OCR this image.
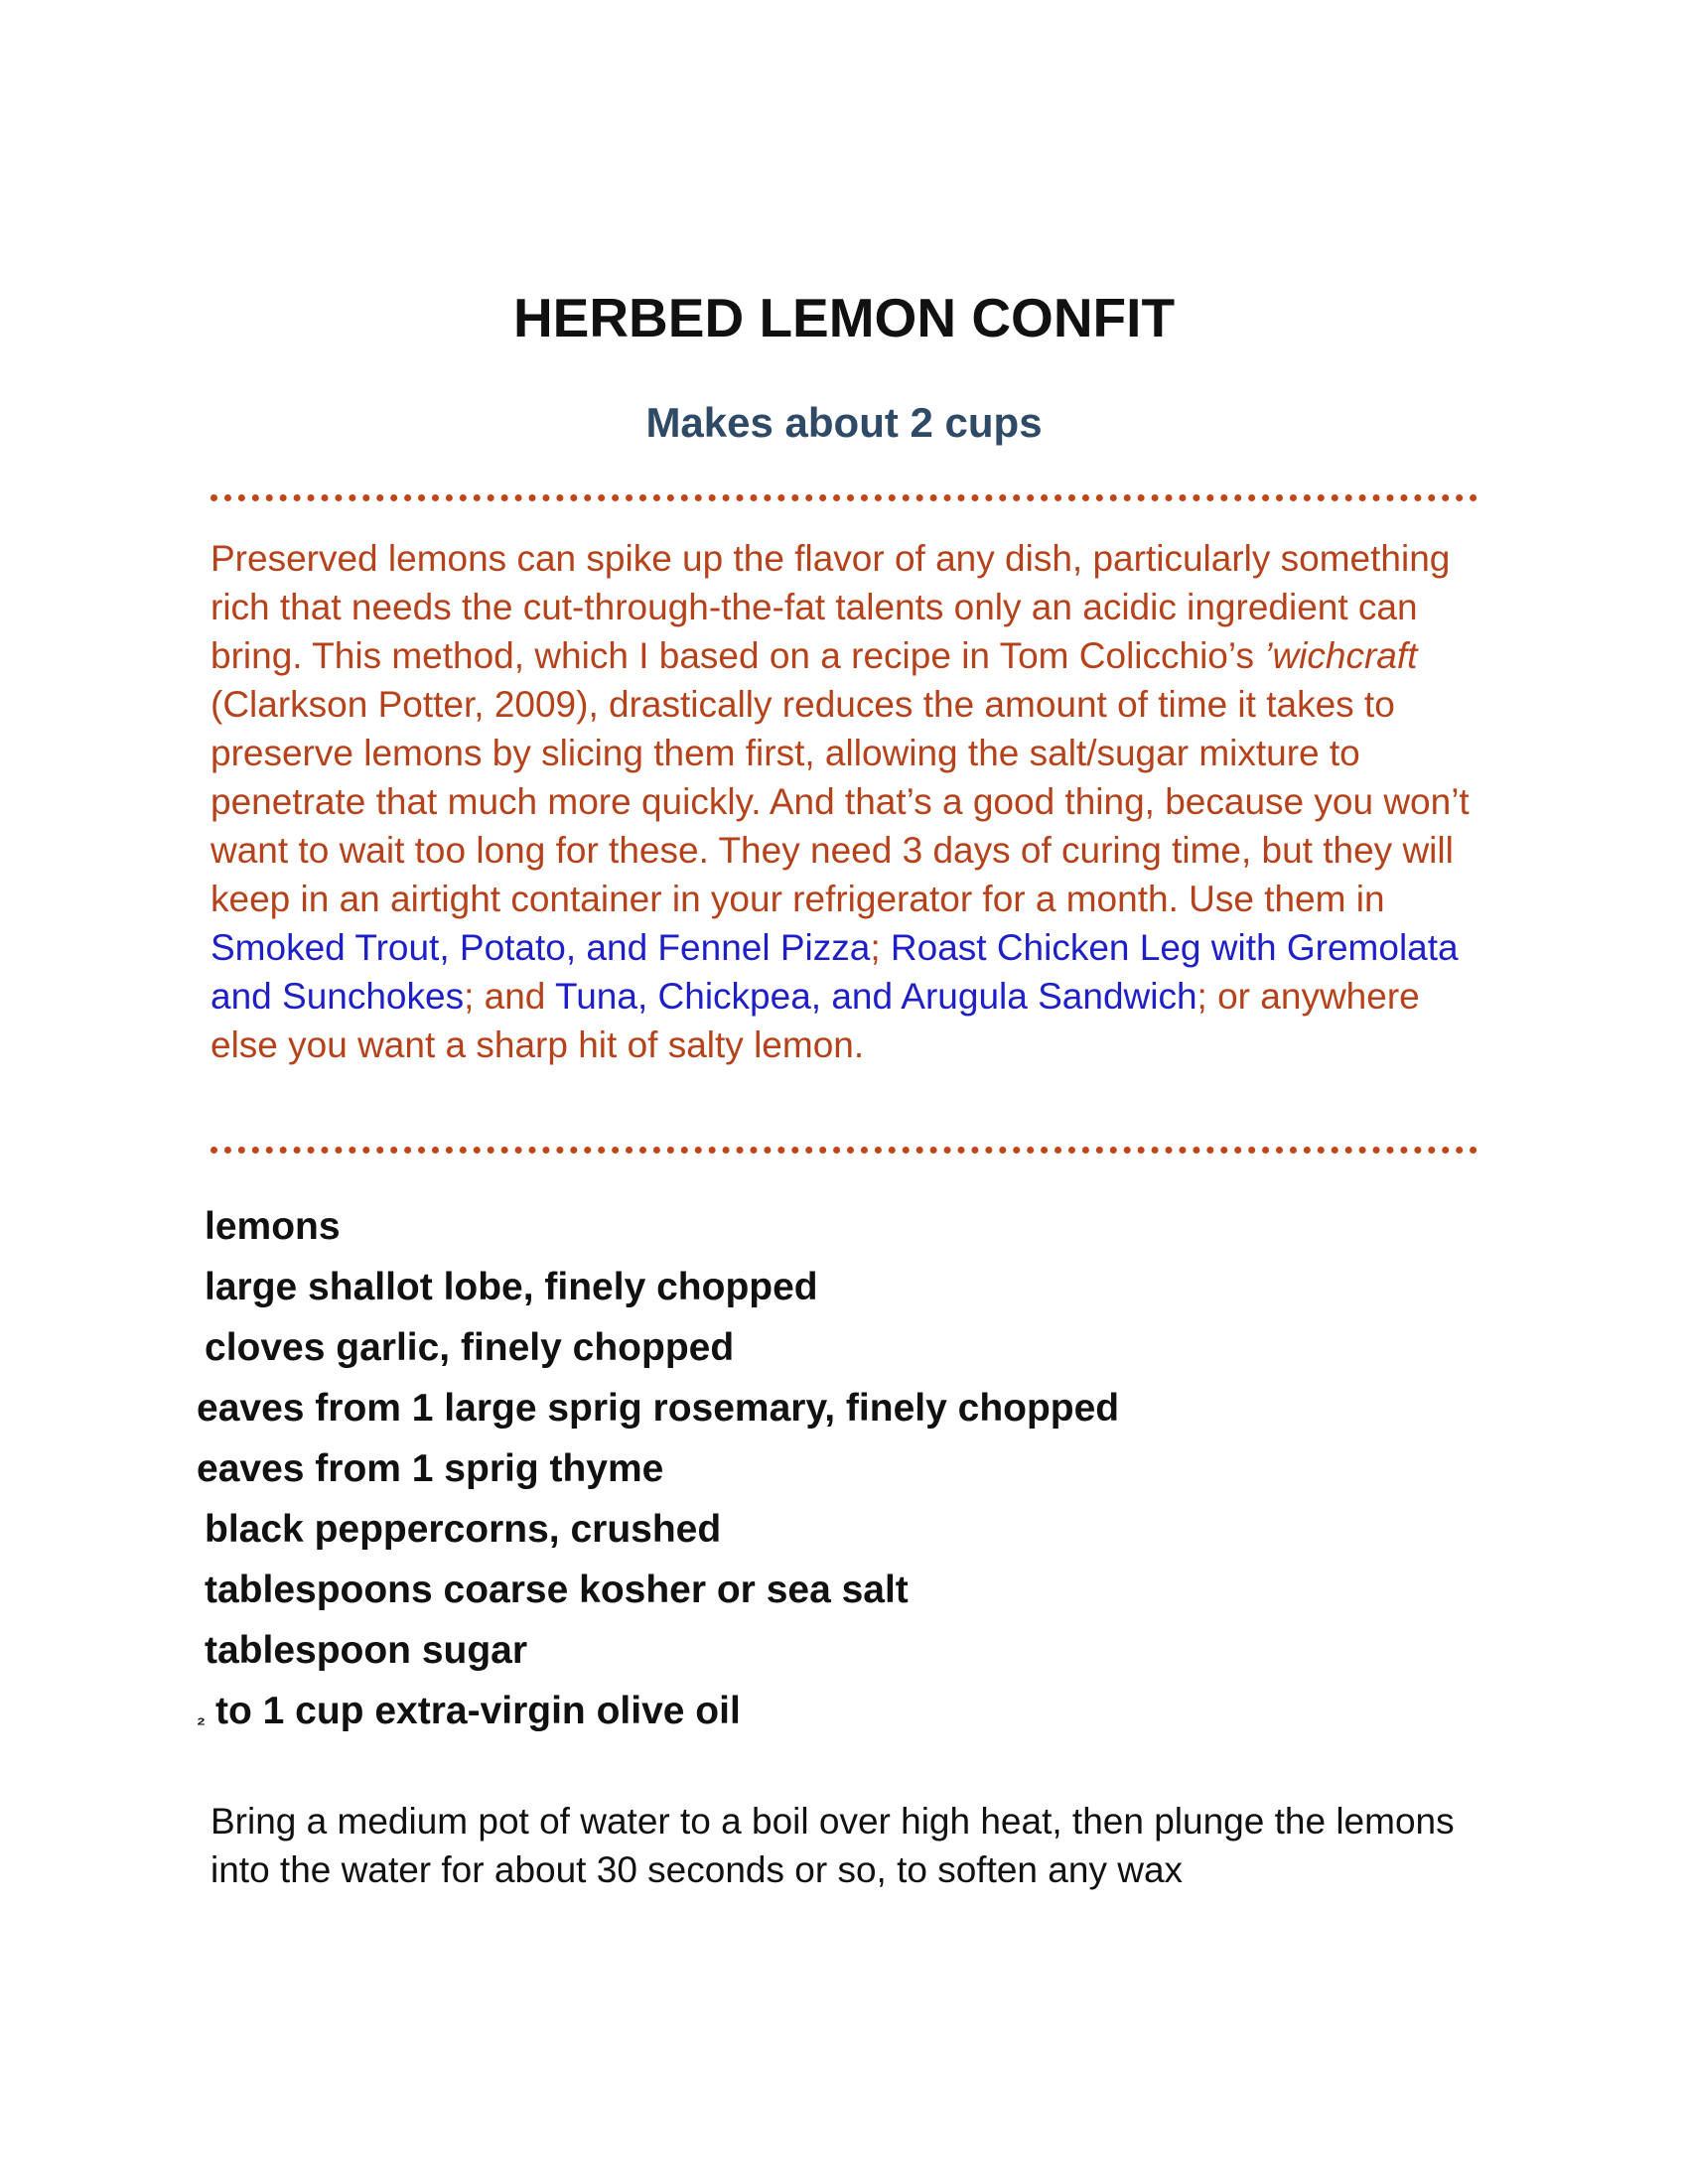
HERBED LEMON CONFIT
Makes about 2 cups

Preserved lemons can spike up the flavor of any dish, particularly something rich that needs the cut-through-the-fat talents only an acidic ingredient can bring. This method, which I based on a recipe in Tom Colicchio’s ’wichcraft (Clarkson Potter, 2009), drastically reduces the amount of time it takes to preserve lemons by slicing them first, allowing the salt/sugar mixture to penetrate that much more quickly. And that’s a good thing, because you won’t want to wait too long for these. They need 3 days of curing time, but they will keep in an airtight container in your refrigerator for a month. Use them in Smoked Trout, Potato, and Fennel Pizza; Roast Chicken Leg with Gremolata and Sunchokes; and Tuna, Chickpea, and Arugula Sandwich; or anywhere else you want a sharp hit of salty lemon.

lemons
large shallot lobe, finely chopped
cloves garlic, finely chopped
eaves from 1 large sprig rosemary, finely chopped
eaves from 1 sprig thyme
black peppercorns, crushed
tablespoons coarse kosher or sea salt
tablespoon sugar
₂ to 1 cup extra-virgin olive oil

Bring a medium pot of water to a boil over high heat, then plunge the lemons into the water for about 30 seconds or so, to soften any wax
